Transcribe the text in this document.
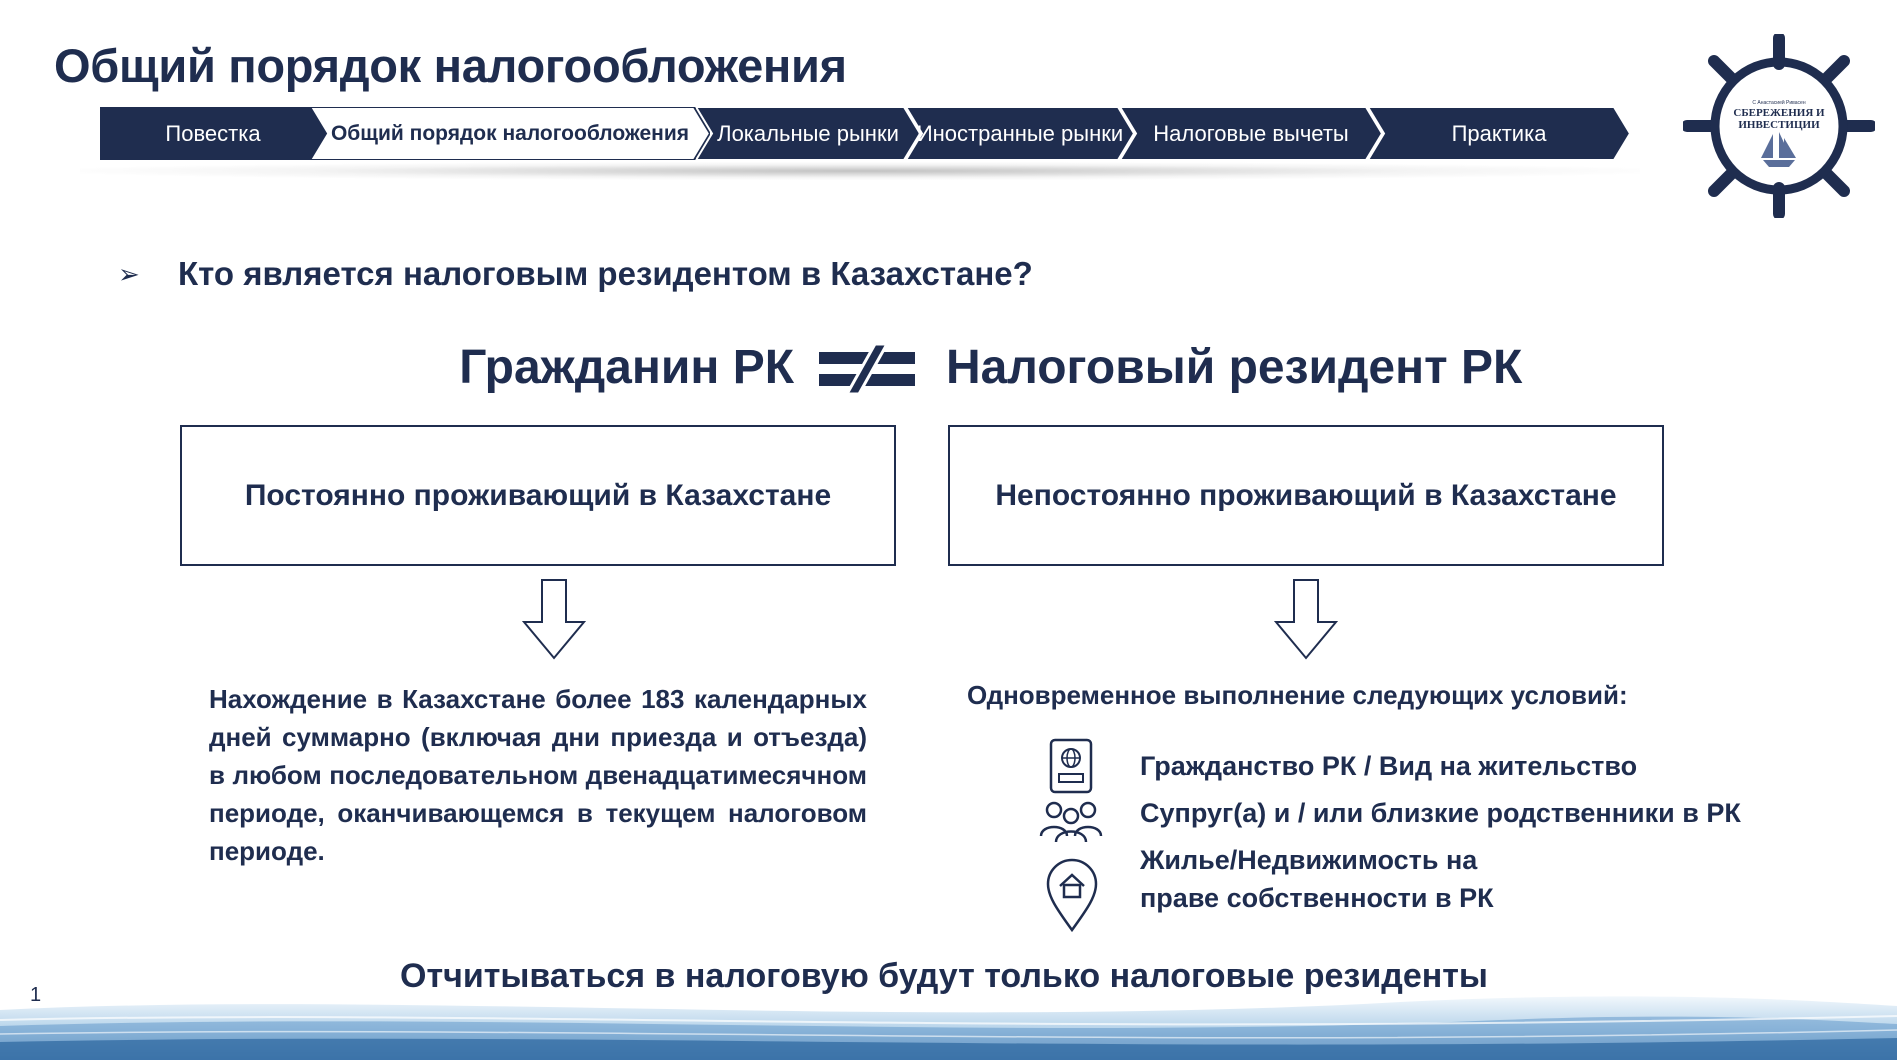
Общий порядок налогообложения
Повестка	Общий порядок налогообложения Локальные рынки Иностранные рынки Налоговые вычеты	Практика
С Анастасией Ривасен
СБЕРЕЖЕНИЯ И
ИНВЕСТИЦИИ
➢	Кто является налоговым резидентом в Казахстане?
Гражданин РК	Налоговый резидент РК
Постоянно проживающий в Казахстане	Непостоянно проживающий в Казахстане
Нахождение в Казахстане более 183 календарных дней суммарно (включая дни приезда и отъезда) в любом последовательном двенадцатимесячном периоде, оканчивающемся в текущем налоговом периоде.
Одновременное выполнение следующих условий:
Гражданство РК / Вид на жительство
Супруг(а) и / или близкие родственники в РК
Жилье/Недвижимость на праве собственности в РК
Отчитываться в налоговую будут только налоговые резиденты
1
